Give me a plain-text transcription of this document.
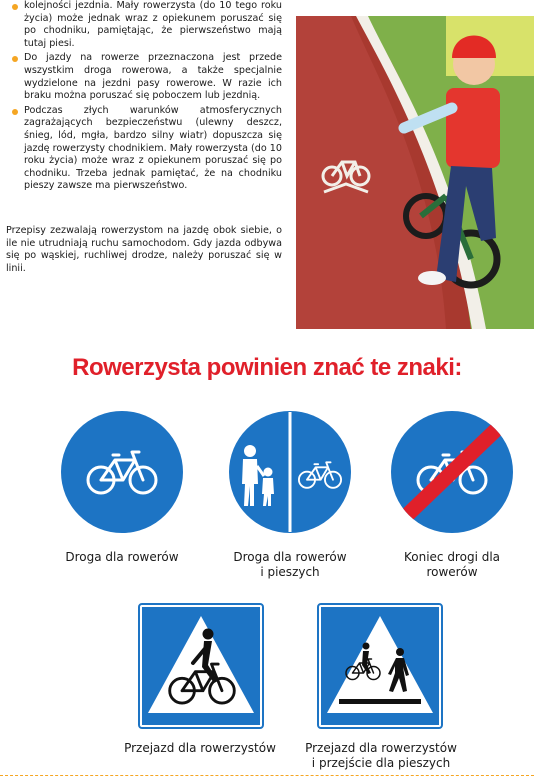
kolejności jezdnia. Mały rowerzysta (do 10 tego roku życia) może jednak wraz z opiekunem poruszać się po chodniku, pamiętając, że pierwszeństwo mają tutaj piesi.
Do jazdy na rowerze przeznaczona jest przede wszystkim droga rowerowa, a także specjalnie wydzielone na jezdni pasy rowerowe. W razie ich braku można poruszać się poboczem lub jezdnią.
Podczas złych warunków atmosferycznych zagrażających bezpieczeństwu (ulewny deszcz, śnieg, lód, mgła, bardzo silny wiatr) dopuszcza się jazdę rowerzysty chodnikiem. Mały rowerzysta (do 10 roku życia) może wraz z opiekunem poruszać się po chodniku. Trzeba jednak pamiętać, że na chodniku pieszy zawsze ma pierwszeństwo.

Przepisy zezwalają rowerzystom na jazdę obok siebie, o ile nie utrudniają ruchu samochodom. Gdy jazda odbywa się po wąskiej, ruchliwej drodze, należy poruszać się w linii.

Rowerzysta powinien znać te znaki:
Droga dla rowerów	Droga dla rowerów
i pieszych
Koniec drogi dla
rowerów
Przejazd dla rowerzystów	Przejazd dla rowerzystów
i przejście dla pieszych
